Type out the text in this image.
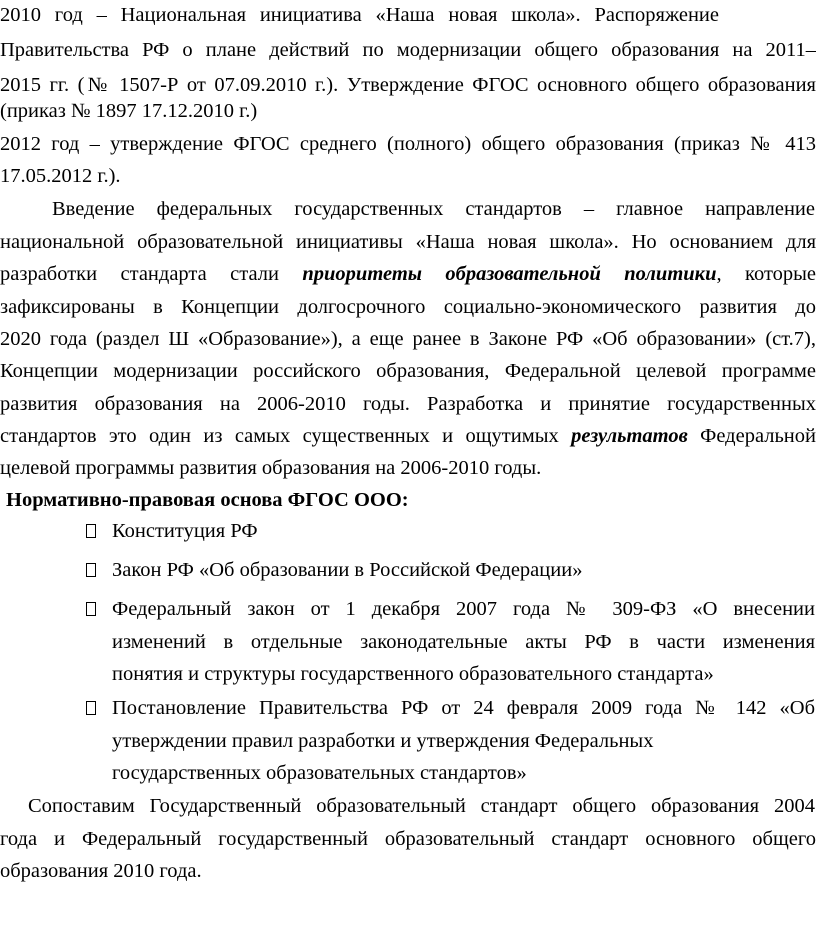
2010 год – Национальная инициатива «Наша новая школа». Распоряжение
Правительства РФ о плане действий по модернизации общего образования на 2011–
2015 гг. (№ 1507-Р от 07.09.2010 г.). Утверждение ФГОС основного общего образования
(приказ № 1897 17.12.2010 г.)
2012 год – утверждение ФГОС среднего (полного) общего образования (приказ № 413
17.05.2012 г.).
Введение федеральных государственных стандартов – главное направление
национальной образовательной инициативы «Наша новая школа». Но основанием для
разработки стандарта стали приоритеты образовательной политики, которые
зафиксированы в Концепции долгосрочного социально-экономического развития до
2020 года (раздел Ш «Образование»), а еще ранее в Законе РФ «Об образовании» (ст.7),
Концепции модернизации российского образования, Федеральной целевой программе
развития образования на 2006-2010 годы. Разработка и принятие государственных
стандартов это один из самых существенных и ощутимых результатов Федеральной
целевой программы развития образования на 2006-2010 годы.
Нормативно-правовая основа ФГОС ООО:
Конституция РФ
Закон РФ «Об образовании в Российской Федерации»
Федеральный закон от 1 декабря 2007 года № 309-ФЗ «О внесении
изменений в отдельные законодательные акты РФ в части изменения
понятия и структуры государственного образовательного стандарта»
Постановление Правительства РФ от 24 февраля 2009 года № 142 «Об
утверждении правил разработки и утверждения Федеральных
государственных образовательных стандартов»
Сопоставим Государственный образовательный стандарт общего образования 2004
года и Федеральный государственный образовательный стандарт основного общего
образования 2010 года.
